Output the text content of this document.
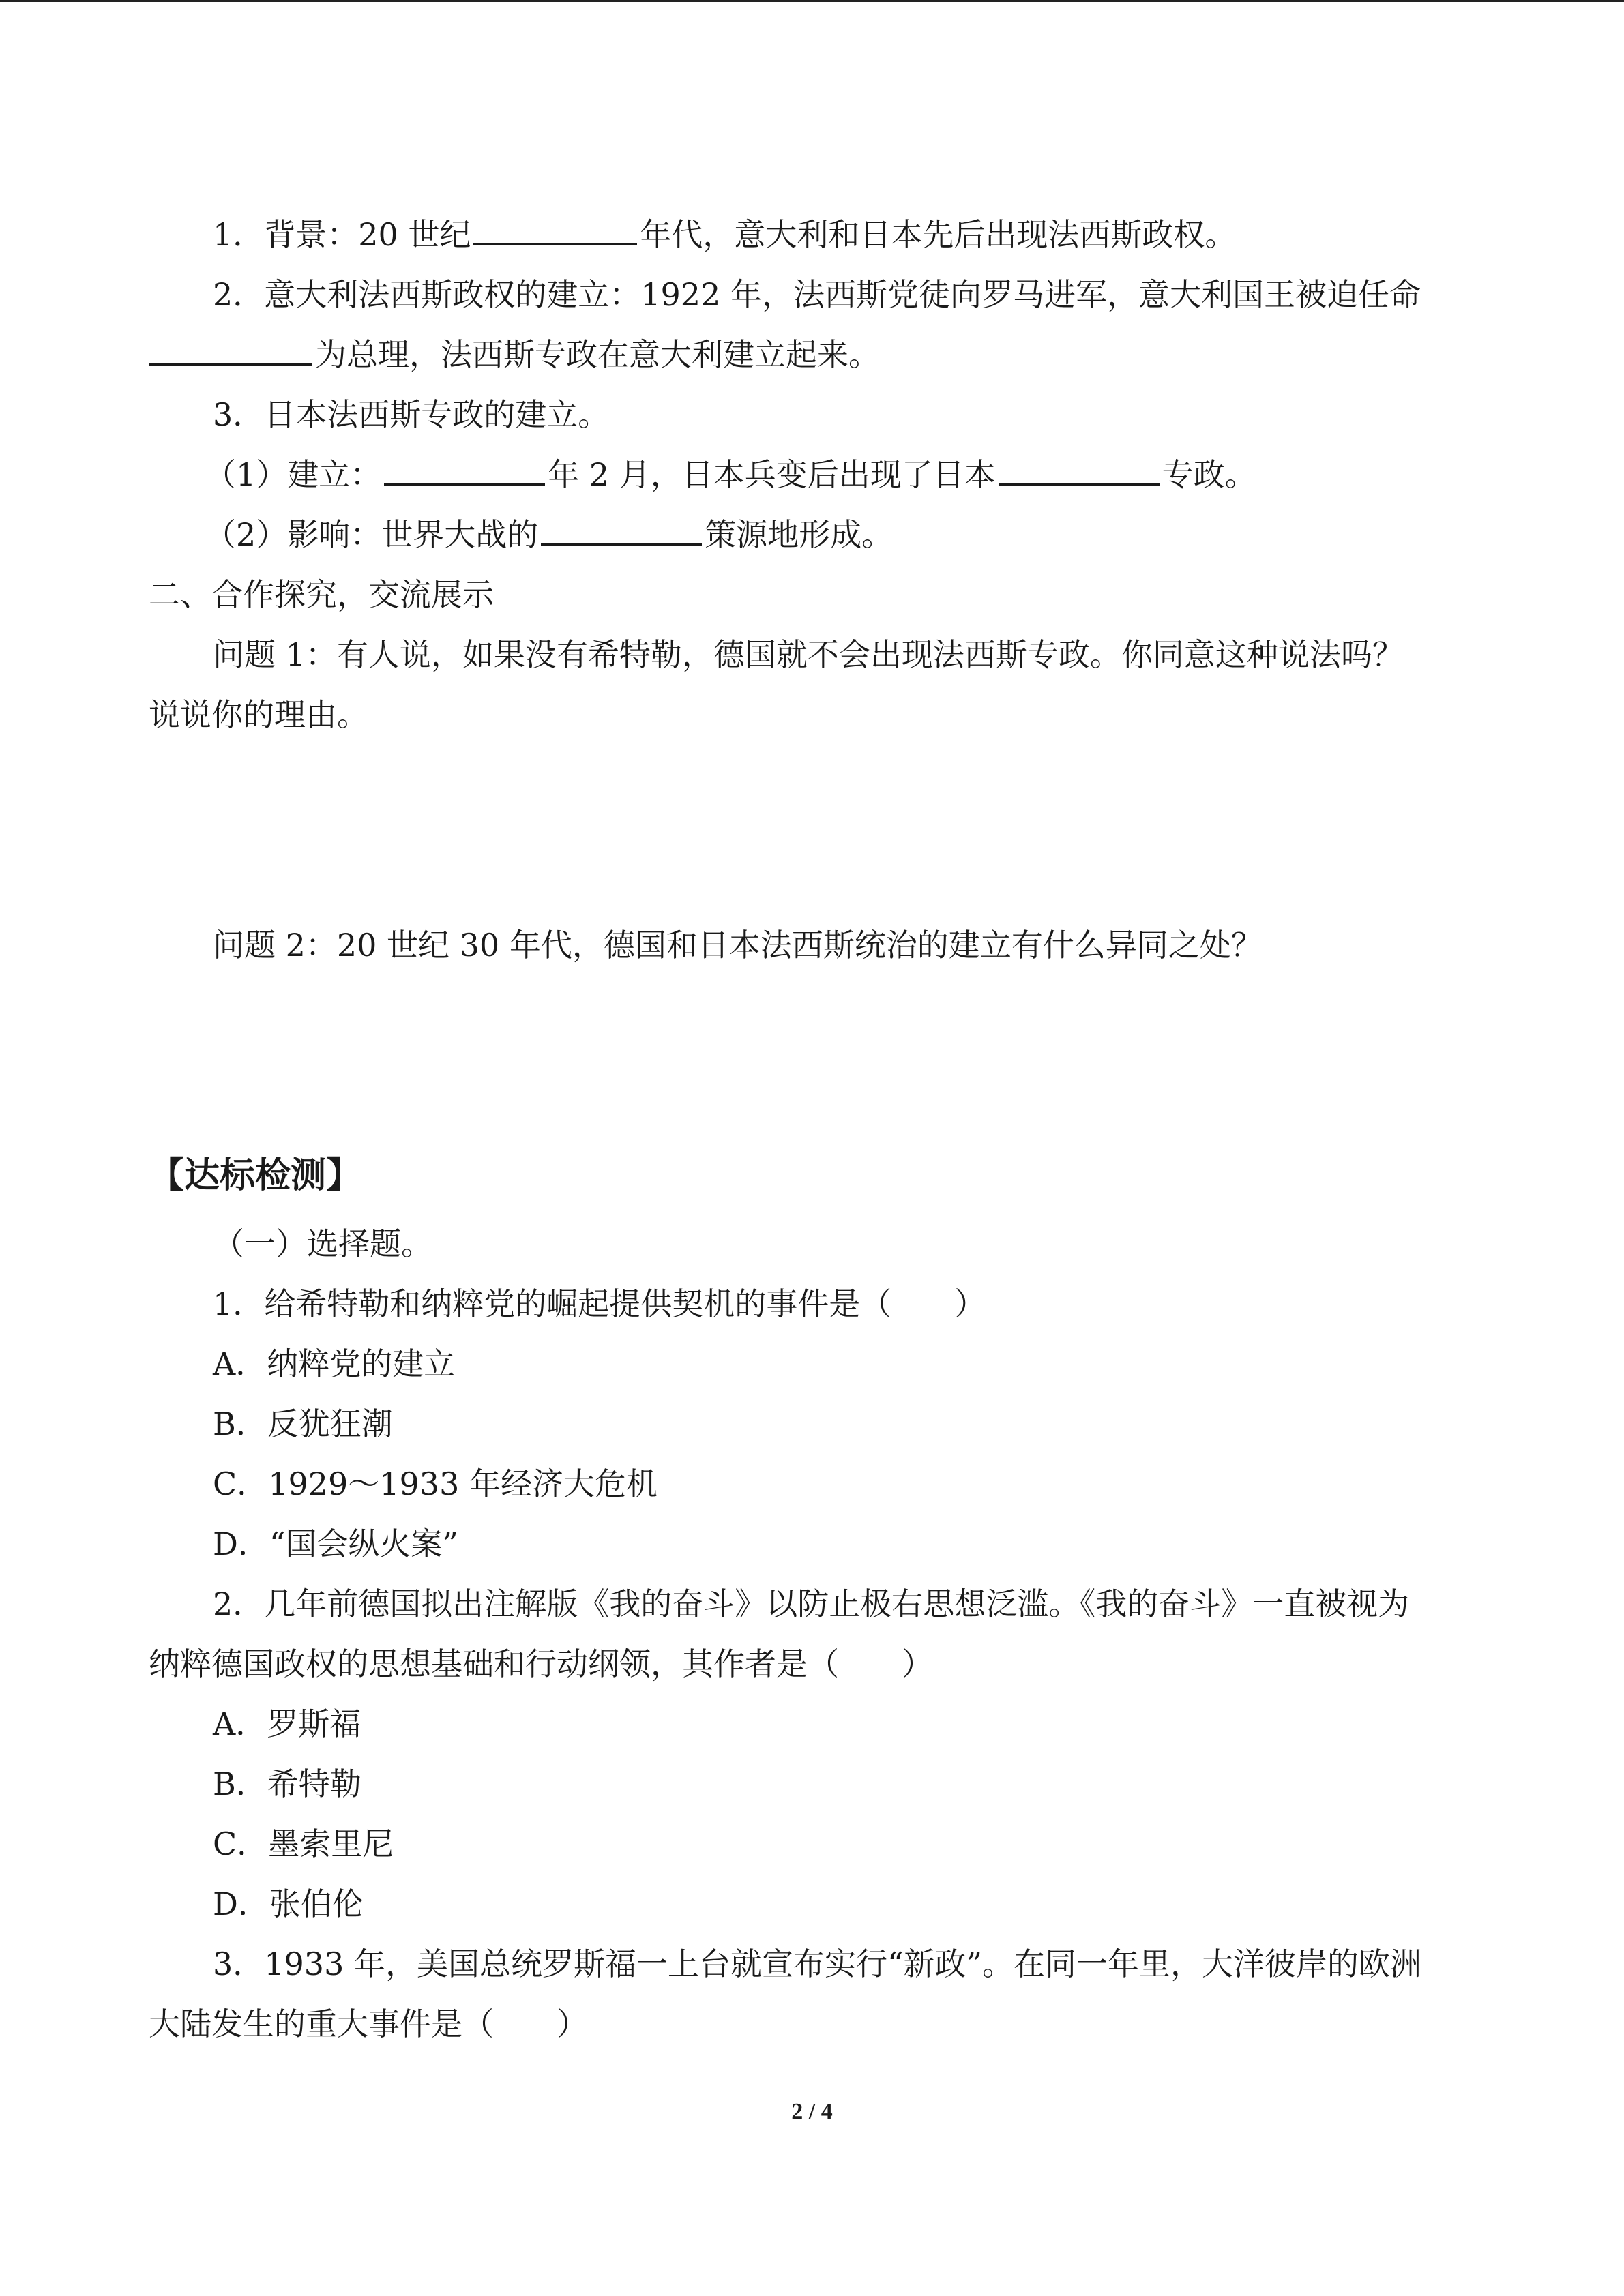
1．背景：20 世纪	年代，意大利和日本先后出现法西斯政权。
2．意大利法西斯政权的建立：1922 年，法西斯党徒向罗马进军，意大利国王被迫任命
为总理，法西斯专政在意大利建立起来。
3．日本法西斯专政的建立。
（1）建立：	年 2 月，日本兵变后出现了日本	专政。
（2）影响：世界大战的	策源地形成。
二、合作探究，交流展示
问题 1：有人说，如果没有希特勒，德国就不会出现法西斯专政。你同意这种说法吗？
说说你的理由。
问题 2：20 世纪 30 年代，德国和日本法西斯统治的建立有什么异同之处？
【达标检测】
（一）选择题。
1．给希特勒和纳粹党的崛起提供契机的事件是（ ）
A．纳粹党的建立
B．反犹狂潮
C．1929～1933 年经济大危机
D．“国会纵火案”
2．几年前德国拟出注解版《我的奋斗》以防止极右思想泛滥。《我的奋斗》一直被视为
纳粹德国政权的思想基础和行动纲领，其作者是（ ）
A．罗斯福
B．希特勒
C．墨索里尼
D．张伯伦
3．1933 年，美国总统罗斯福一上台就宣布实行“新政”。在同一年里，大洋彼岸的欧洲
大陆发生的重大事件是（ ）
2 / 4
